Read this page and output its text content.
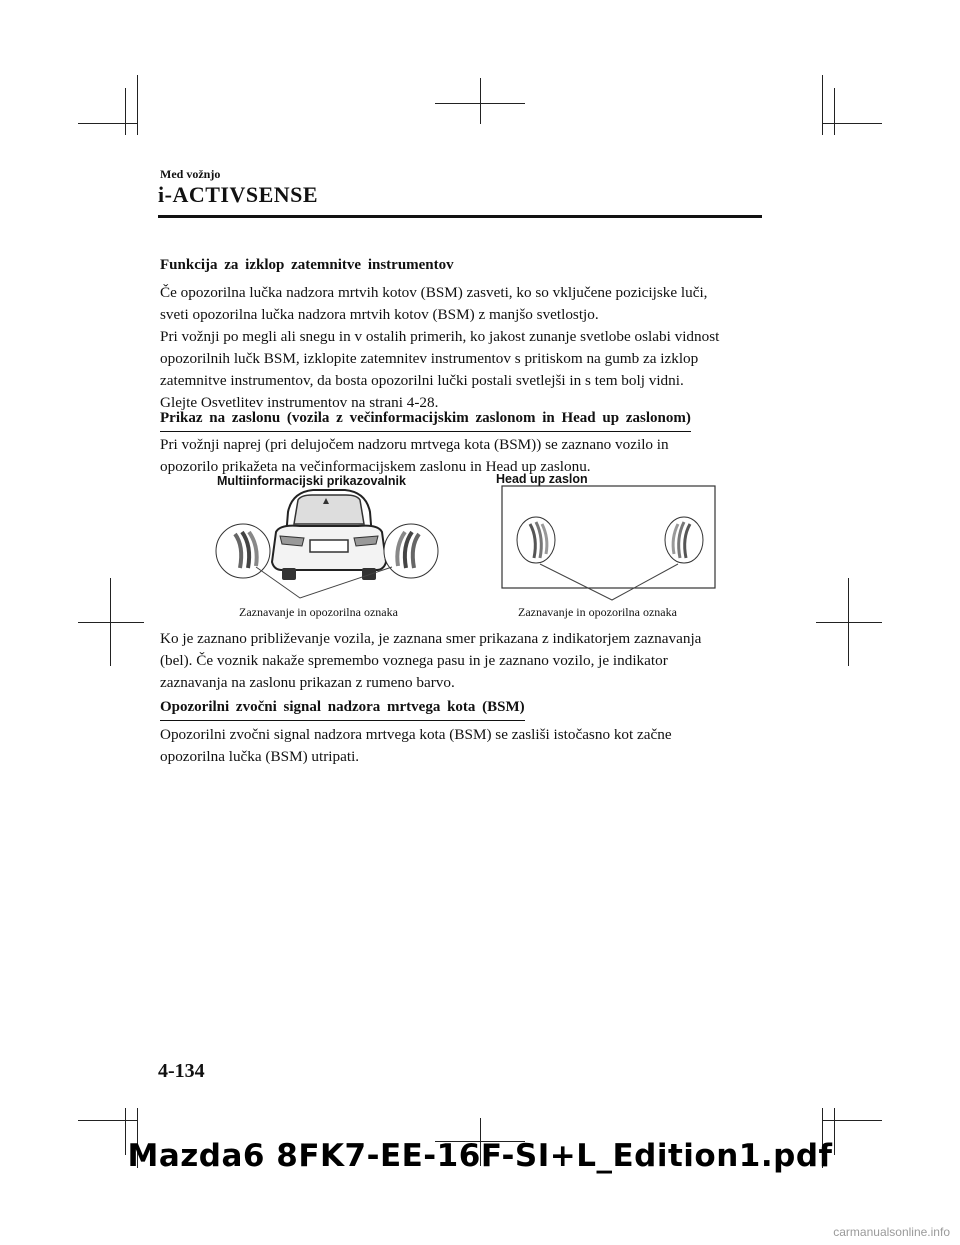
Med vožnjo
i-ACTIVSENSE
Funkcija za izklop zatemnitve instrumentov

Če opozorilna lučka nadzora mrtvih kotov (BSM) zasveti, ko so vključene pozicijske luči,

sveti opozorilna lučka nadzora mrtvih kotov (BSM) z manjšo svetlostjo.

Pri vožnji po megli ali snegu in v ostalih primerih, ko jakost zunanje svetlobe oslabi vidnost

opozorilnih lučk BSM, izklopite zatemnitev instrumentov s pritiskom na gumb za izklop

zatemnitve instrumentov, da bosta opozorilni lučki postali svetlejši in s tem bolj vidni.

Glejte Osvetlitev instrumentov na strani 4-28.

Prikaz na zaslonu (vozila z večinformacijskim zaslonom in Head up zaslonom)

Pri vožnji naprej (pri delujočem nadzoru mrtvega kota (BSM)) se zaznano vozilo in

opozorilo prikažeta na večinformacijskem zaslonu in Head up zaslonu.

Multiinformacijski prikazovalnik	Head up zaslon
Zaznavanje in opozorilna oznaka	Zaznavanje in opozorilna oznaka

Ko je zaznano približevanje vozila, je zaznana smer prikazana z indikatorjem zaznavanja

(bel). Če voznik nakaže spremembo voznega pasu in je zaznano vozilo, je indikator

zaznavanja na zaslonu prikazan z rumeno barvo.

Opozorilni zvočni signal nadzora mrtvega kota (BSM)

Opozorilni zvočni signal nadzora mrtvega kota (BSM) se zasliši istočasno kot začne

opozorilna lučka (BSM) utripati.

4-134
Mazda6 8FK7-EE-16F-SI+L_Edition1.pdf
carmanualsonline.info
